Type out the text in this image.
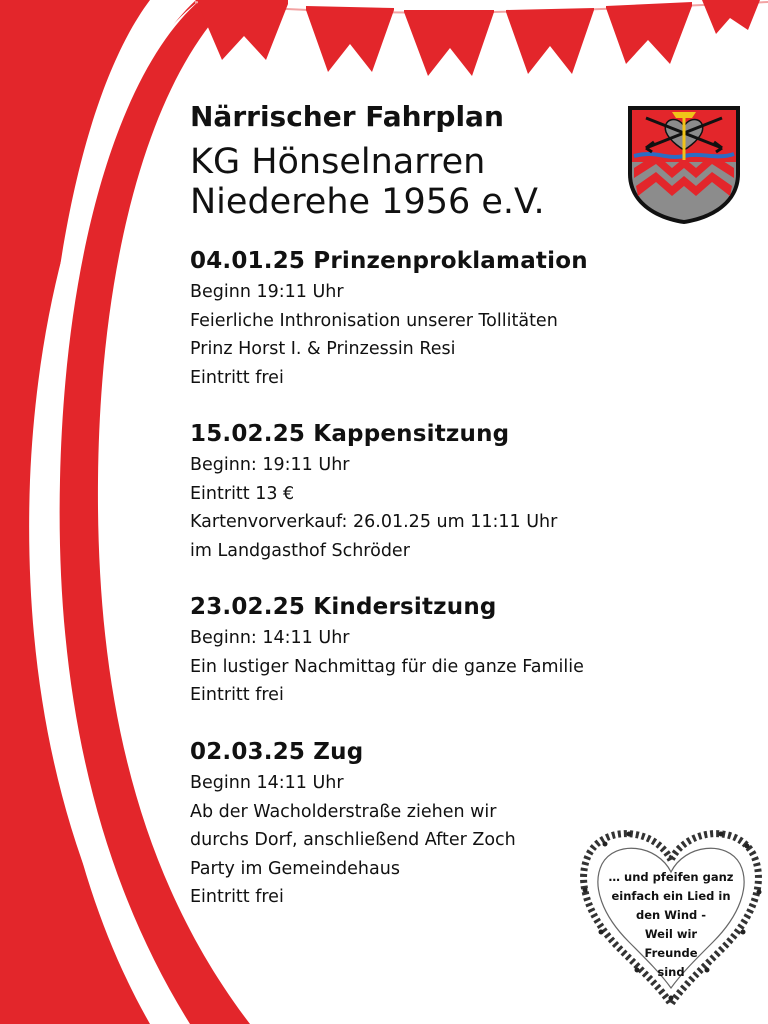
Närrischer Fahrplan
KG Hönselnarren
Niederehe 1956 e.V.
04.01.25 Prinzenproklamation
Beginn 19:11 Uhr
Feierliche Inthronisation unserer Tollitäten
Prinz Horst I. & Prinzessin Resi
Eintritt frei
15.02.25 Kappensitzung
Beginn: 19:11 Uhr
Eintritt 13 €
Kartenvorverkauf: 26.01.25 um 11:11 Uhr
im Landgasthof Schröder
23.02.25 Kindersitzung
Beginn: 14:11 Uhr
Ein lustiger Nachmittag für die ganze Familie
Eintritt frei
02.03.25 Zug
Beginn 14:11 Uhr
Ab der Wacholderstraße ziehen wir
durchs Dorf, anschließend After Zoch
Party im Gemeindehaus
Eintritt frei
… und pfeifen ganz
einfach ein Lied in
den Wind -
Weil wir
Freunde
sind
